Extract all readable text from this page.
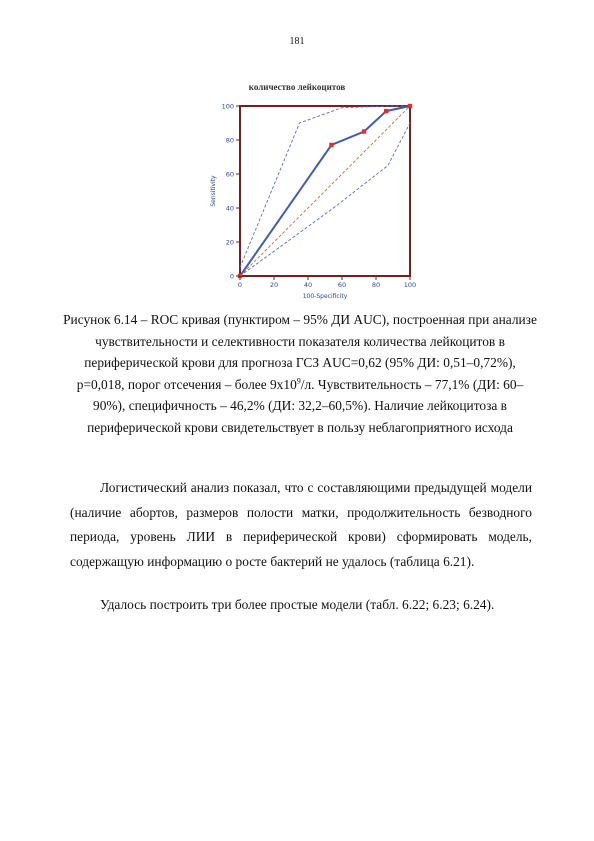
181
количество лейкоцитов
0	20	40	60	80	100
0
20
40
60
80
100
Sensitivity
100-Specificity
Рисунок 6.14 – ROC кривая (пунктиром – 95% ДИ AUC), построенная при анализе
чувствительности и селективности показателя количества лейкоцитов в
периферической крови для прогноза ГСЗ AUC=0,62 (95% ДИ: 0,51–0,72%),
p=0,018, порог отсечения – более $9x10^9/л$. Чувствительность – 77,1% (ДИ: 60–
90%), специфичность – 46,2% (ДИ: 32,2–60,5%). Наличие лейкоцитоза в
периферической крови свидетельствует в пользу неблагоприятного исхода

Логистический анализ показал, что с составляющими предыдущей модели (наличие абортов, размеров полости матки, продолжительность безводного периода, уровень ЛИИ в периферической крови) сформировать модель, содержащую информацию о росте бактерий не удалось (таблица 6.21).

Удалось построить три более простые модели (табл. 6.22; 6.23; 6.24).
